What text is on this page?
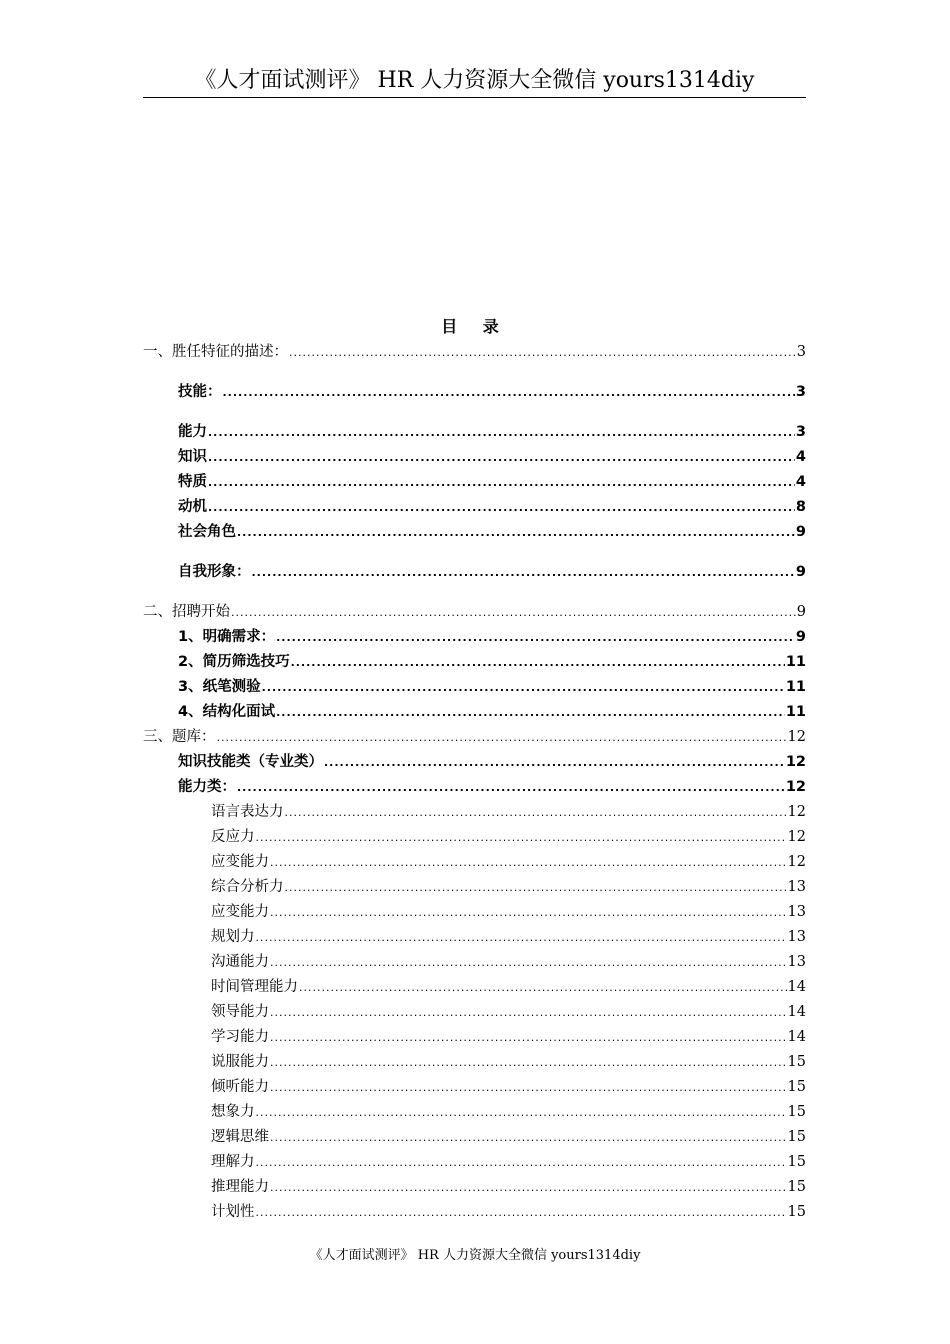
《人才面试测评》 HR 人力资源大全微信 yours1314diy
目 录
一、胜任特征的描述： .....	3
技能： .....	3
能力 .....	3
知识 .....	4
特质 .....	4
动机 .....	8
社会角色 .....	9
自我形象： .....	9
二、招聘开始 .....	9
1、明确需求： .....	9
2、简历筛选技巧 .....	11
3、纸笔测验 .....	11
4、结构化面试 .....	11
三、题库： .....	12
知识技能类（专业类） .....	12
能力类： .....	12
语言表达力 .....	12
反应力 .....	12
应变能力 .....	12
综合分析力 .....	13
应变能力 .....	13
规划力 .....	13
沟通能力 .....	13
时间管理能力 .....	14
领导能力 .....	14
学习能力 .....	14
说服能力 .....	15
倾听能力 .....	15
想象力 .....	15
逻辑思维 .....	15
理解力 .....	15
推理能力 .....	15
计划性 .....	15
《人才面试测评》 HR 人力资源大全微信 yours1314diy
